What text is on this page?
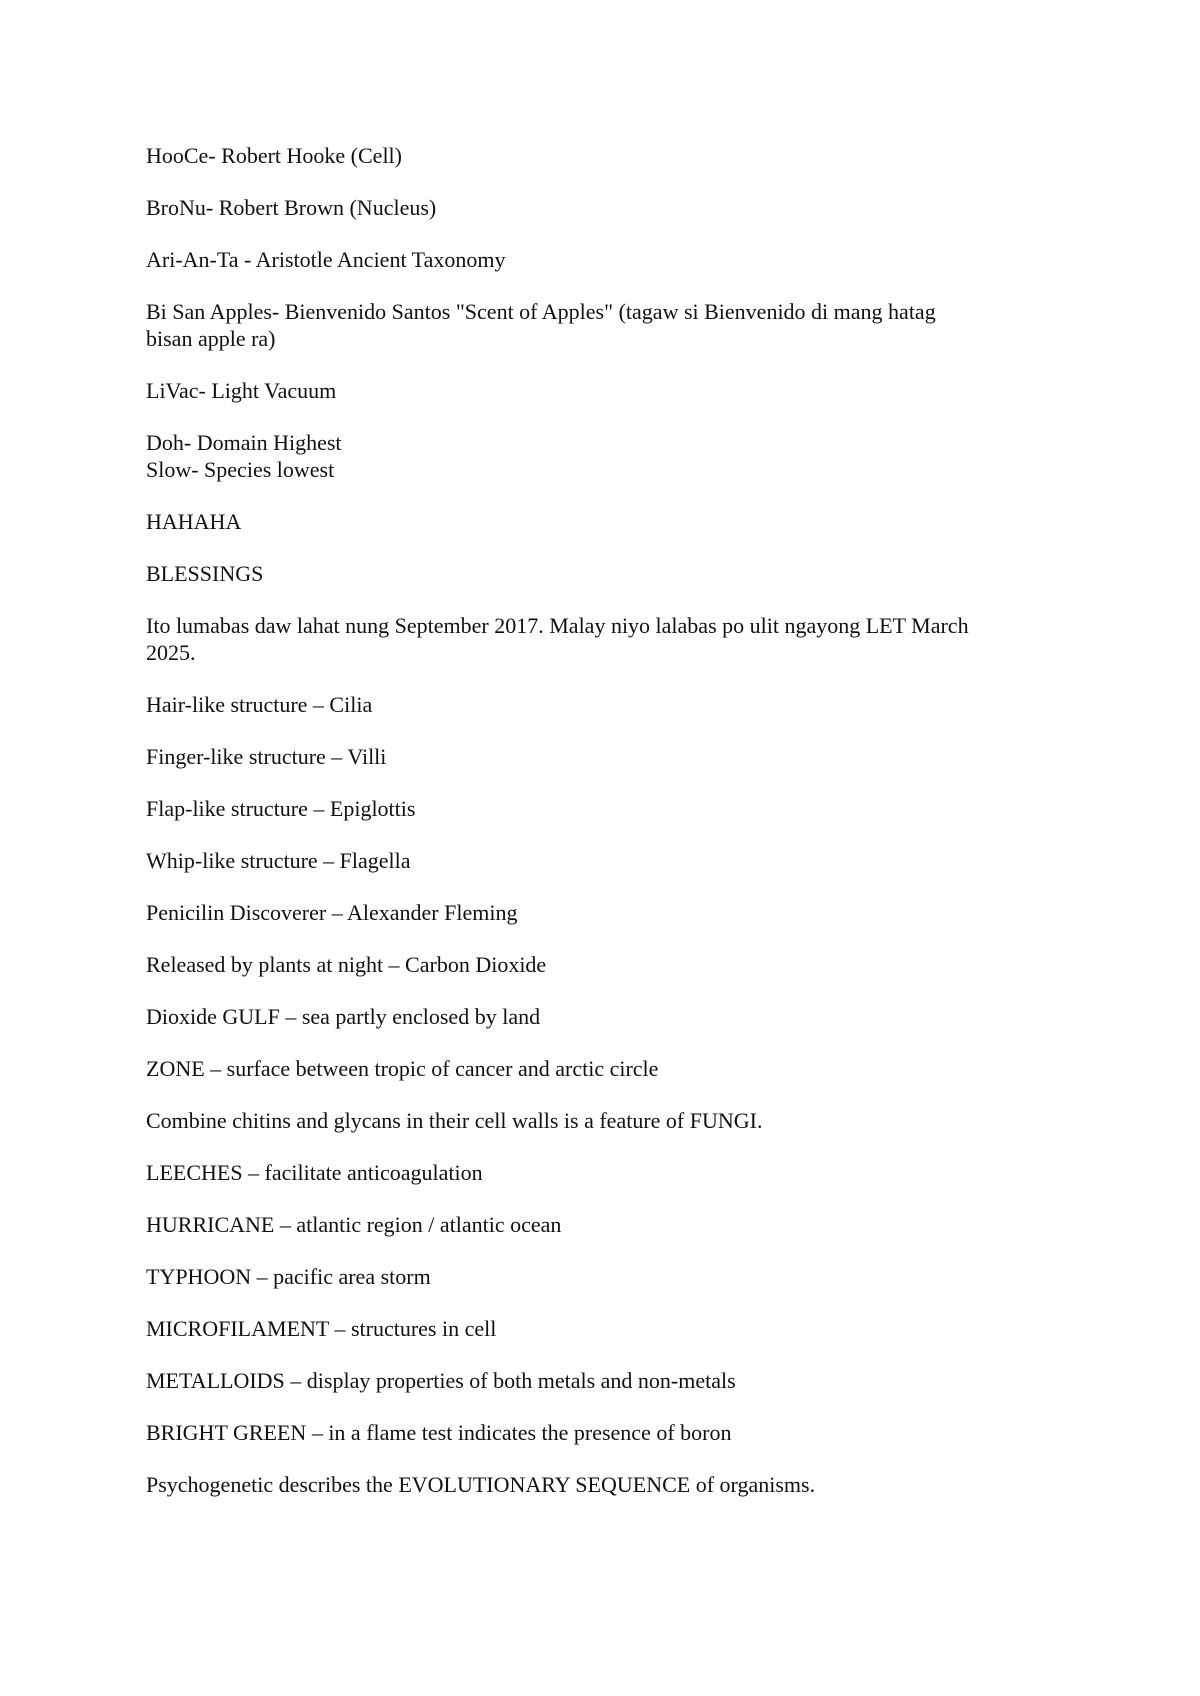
HooCe- Robert Hooke (Cell)

BroNu- Robert Brown (Nucleus)

Ari-An-Ta - Aristotle Ancient Taxonomy

Bi San Apples- Bienvenido Santos "Scent of Apples" (tagaw si Bienvenido di mang hatag
bisan apple ra)

LiVac- Light Vacuum

Doh- Domain Highest
Slow- Species lowest

HAHAHA

BLESSINGS

Ito lumabas daw lahat nung September 2017. Malay niyo lalabas po ulit ngayong LET March
2025.

Hair-like structure – Cilia

Finger-like structure – Villi

Flap-like structure – Epiglottis

Whip-like structure – Flagella

Penicilin Discoverer – Alexander Fleming

Released by plants at night – Carbon Dioxide

Dioxide GULF – sea partly enclosed by land

ZONE – surface between tropic of cancer and arctic circle

Combine chitins and glycans in their cell walls is a feature of FUNGI.

LEECHES – facilitate anticoagulation

HURRICANE – atlantic region / atlantic ocean

TYPHOON – pacific area storm

MICROFILAMENT – structures in cell

METALLOIDS – display properties of both metals and non-metals

BRIGHT GREEN – in a flame test indicates the presence of boron

Psychogenetic describes the EVOLUTIONARY SEQUENCE of organisms.
